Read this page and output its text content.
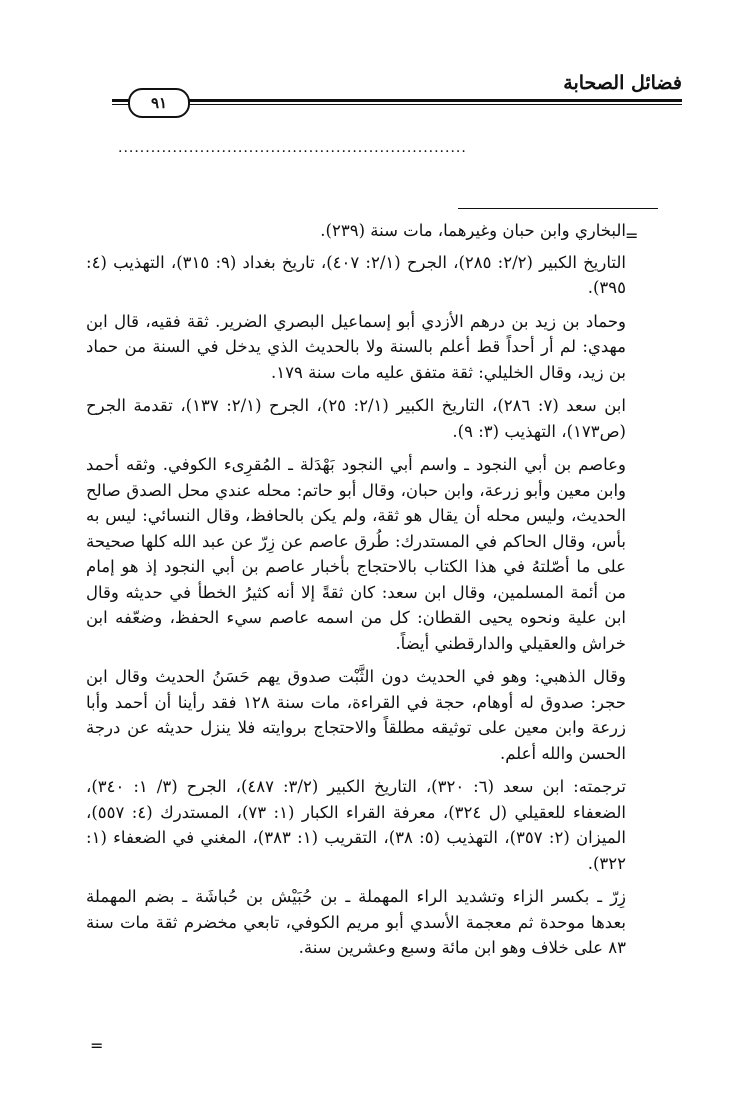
فضائل الصحابة
٩١
................................................................
=
=

البخاري وابن حبان وغيرهما، مات سنة (٢٣٩).

التاريخ الكبير (٢/٢: ٢٨٥)، الجرح (٢/١: ٤٠٧)، تاريخ بغداد (٩: ٣١٥)، التهذيب (٤: ٣٩٥).

وحماد بن زيد بن درهم الأزدي أبو إسماعيل البصري الضرير. ثقة فقيه، قال ابن مهدي: لم أر أحداً قط أعلم بالسنة ولا بالحديث الذي يدخل في السنة من حماد بن زيد، وقال الخليلي: ثقة متفق عليه مات سنة ١٧٩.

ابن سعد (٧: ٢٨٦)، التاريخ الكبير (٢/١: ٢٥)، الجرح (٢/١: ١٣٧)، تقدمة الجرح (ص١٧٣)، التهذيب (٣: ٩).

وعاصم بن أبي النجود ـ واسم أبي النجود بَهْدَلة ـ المُقرِىء الكوفي. وثقه أحمد وابن معين وأبو زرعة، وابن حبان، وقال أبو حاتم: محله عندي محل الصدق صالح الحديث، وليس محله أن يقال هو ثقة، ولم يكن بالحافظ، وقال النسائي: ليس به بأس، وقال الحاكم في المستدرك: طُرق عاصم عن زِرّ عن عبد الله كلها صحيحة على ما أصّلتهُ في هذا الكتاب بالاحتجاج بأخبار عاصم بن أبي النجود إذ هو إمام من أئمة المسلمين، وقال ابن سعد: كان ثقةً إلا أنه كثيرُ الخطأ في حديثه وقال ابن علية ونحوه يحيى القطان: كل من اسمه عاصم سيء الحفظ، وضعّفه ابن خراش والعقيلي والدارقطني أيضاً.

وقال الذهبي: وهو في الحديث دون الثَّبْت صدوق يهم حَسَنُ الحديث وقال ابن حجر: صدوق له أوهام، حجة في القراءة، مات سنة ١٢٨ فقد رأينا أن أحمد وأبا زرعة وابن معين على توثيقه مطلقاً والاحتجاج بروايته فلا ينزل حديثه عن درجة الحسن والله أعلم.

ترجمته: ابن سعد (٦: ٣٢٠)، التاريخ الكبير (٣/٢: ٤٨٧)، الجرح (٣/ ١: ٣٤٠)، الضعفاء للعقيلي (ل ٣٢٤)، معرفة القراء الكبار (١: ٧٣)، المستدرك (٤: ٥٥٧)، الميزان (٢: ٣٥٧)، التهذيب (٥: ٣٨)، التقريب (١: ٣٨٣)، المغني في الضعفاء (١: ٣٢٢).

زِرّ ـ بكسر الزاء وتشديد الراء المهملة ـ بن حُبَيْش بن حُباشَة ـ بضم المهملة بعدها موحدة ثم معجمة الأسدي أبو مريم الكوفي، تابعي مخضرم ثقة مات سنة ٨٣ على خلاف وهو ابن مائة وسبع وعشرين سنة.
